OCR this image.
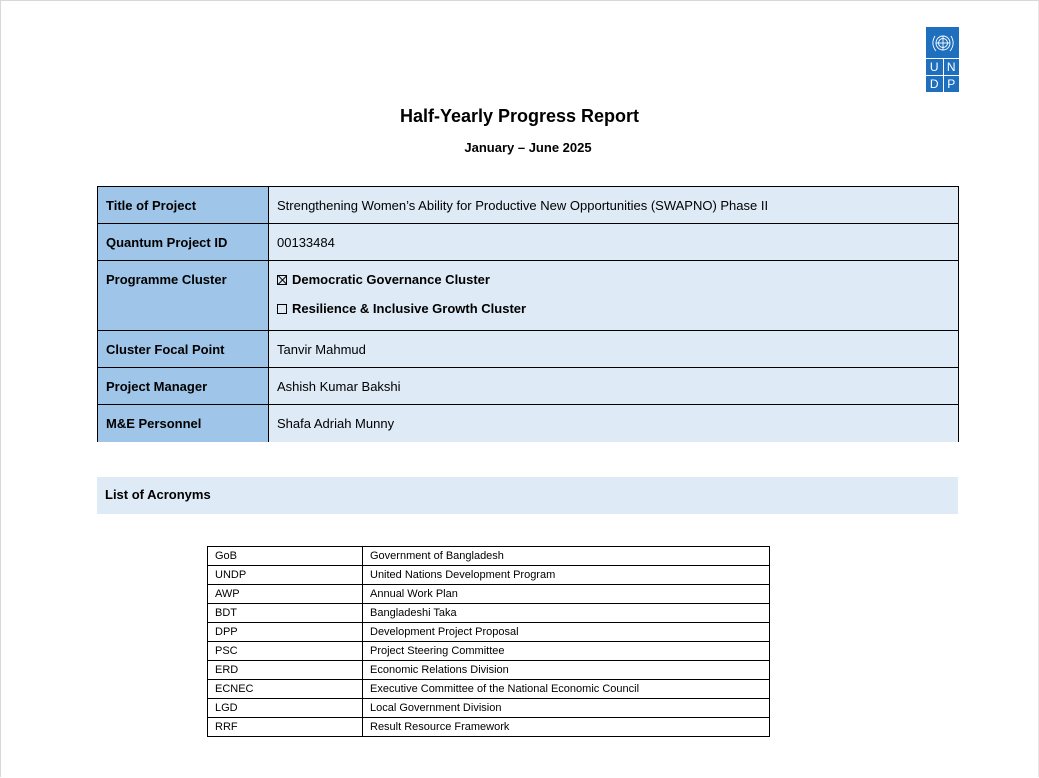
U N
D P
Half-Yearly Progress Report
January – June 2025
Title of Project	Strengthening Women’s Ability for Productive New Opportunities (SWAPNO) Phase II
Quantum Project ID	00133484
Programme Cluster	Democratic Governance Cluster
Resilience & Inclusive Growth Cluster

Cluster Focal Point	Tanvir Mahmud
Project Manager	Ashish Kumar Bakshi
M&E Personnel	Shafa Adriah Munny
List of Acronyms
GoB	Government of Bangladesh
UNDP	United Nations Development Program
AWP	Annual Work Plan
BDT	Bangladeshi Taka
DPP	Development Project Proposal
PSC	Project Steering Committee
ERD	Economic Relations Division
ECNEC	Executive Committee of the National Economic Council
LGD	Local Government Division
RRF	Result Resource Framework
